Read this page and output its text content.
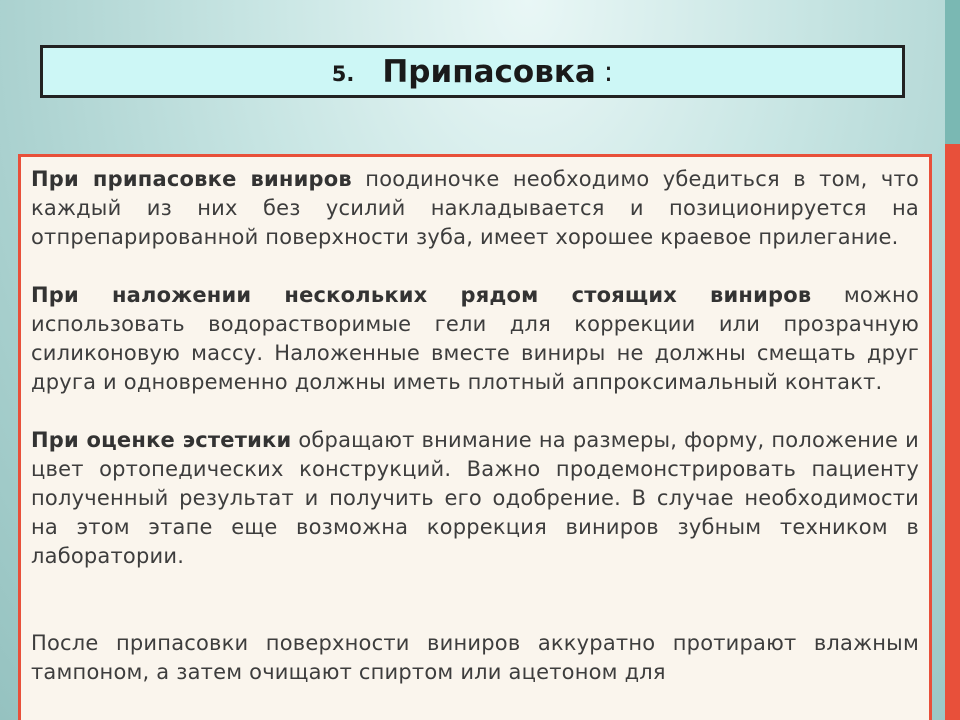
5. Припасовка :

При припасовке виниров поодиночке необходимо убедиться в том, что каждый из них без усилий накладывается и позиционируется на отпрепарированной поверхности зуба, имеет хорошее краевое прилегание.

При наложении нескольких рядом стоящих виниров можно использовать водорастворимые гели для коррекции или прозрачную силиконовую массу. Наложенные вместе виниры не должны смещать друг друга и одновременно должны иметь плотный аппроксимальный контакт.

При оценке эстетики обращают внимание на размеры, форму, положение и цвет ортопедических конструкций. Важно продемонстрировать пациенту полученный результат и получить его одобрение. В случае необходимости на этом этапе еще возможна коррекция виниров зубным техником в лаборатории.

После припасовки поверхности виниров аккуратно протирают влажным тампоном, а затем очищают спиртом или ацетоном для
